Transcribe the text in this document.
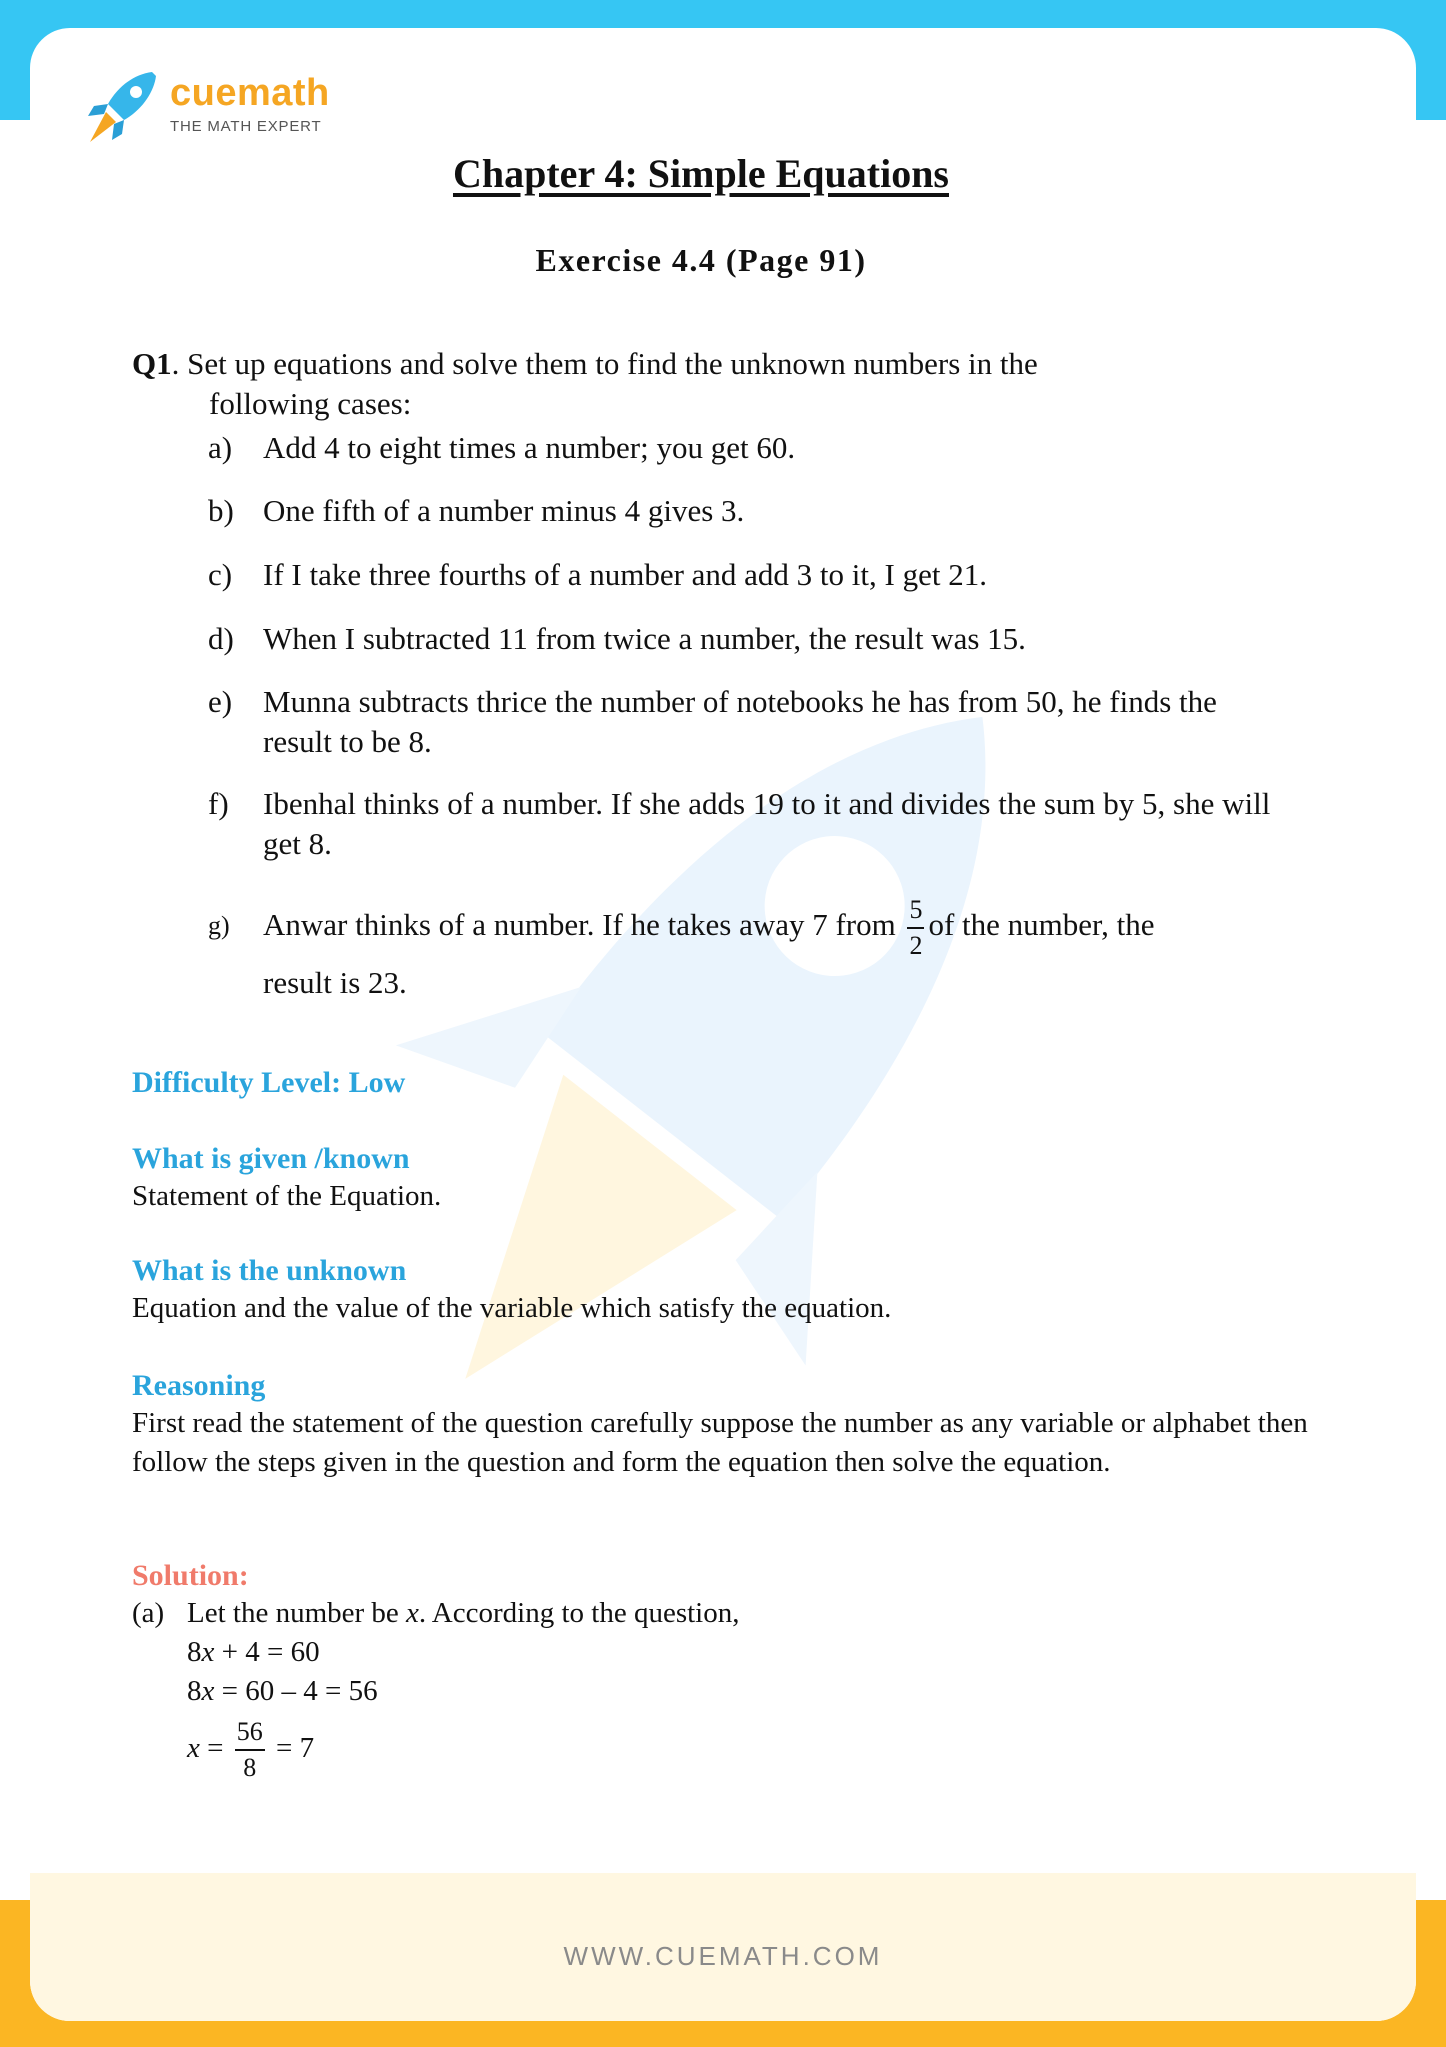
cuemath
THE MATH EXPERT
Chapter 4: Simple Equations
Exercise 4.4 (Page 91)
Q1. Set up equations and solve them to find the unknown numbers in the
following cases:
a) Add 4 to eight times a number; you get 60.
b) One fifth of a number minus 4 gives 3.
c) If I take three fourths of a number and add 3 to it, I get 21.
d) When I subtracted 11 from twice a number, the result was 15.
e) Munna subtracts thrice the number of notebooks he has from 50, he finds the result to be 8.
f) Ibenhal thinks of a number. If she adds 19 to it and divides the sum by 5, she will get 8.
g) Anwar thinks of a number. If he takes away 7 from $\frac{5}{2}$ of the number, the
result is 23.
Difficulty Level: Low
What is given /known
Statement of the Equation.
What is the unknown
Equation and the value of the variable which satisfy the equation.
Reasoning
First read the statement of the question carefully suppose the number as any variable or alphabet then follow the steps given in the question and form the equation then solve the equation.
Solution:
(a) Let the number be x. According to the question,
8x + 4 = 60
8x = 60 – 4 = 56
$x = \frac{56}{8} = 7$
WWW.CUEMATH.COM
